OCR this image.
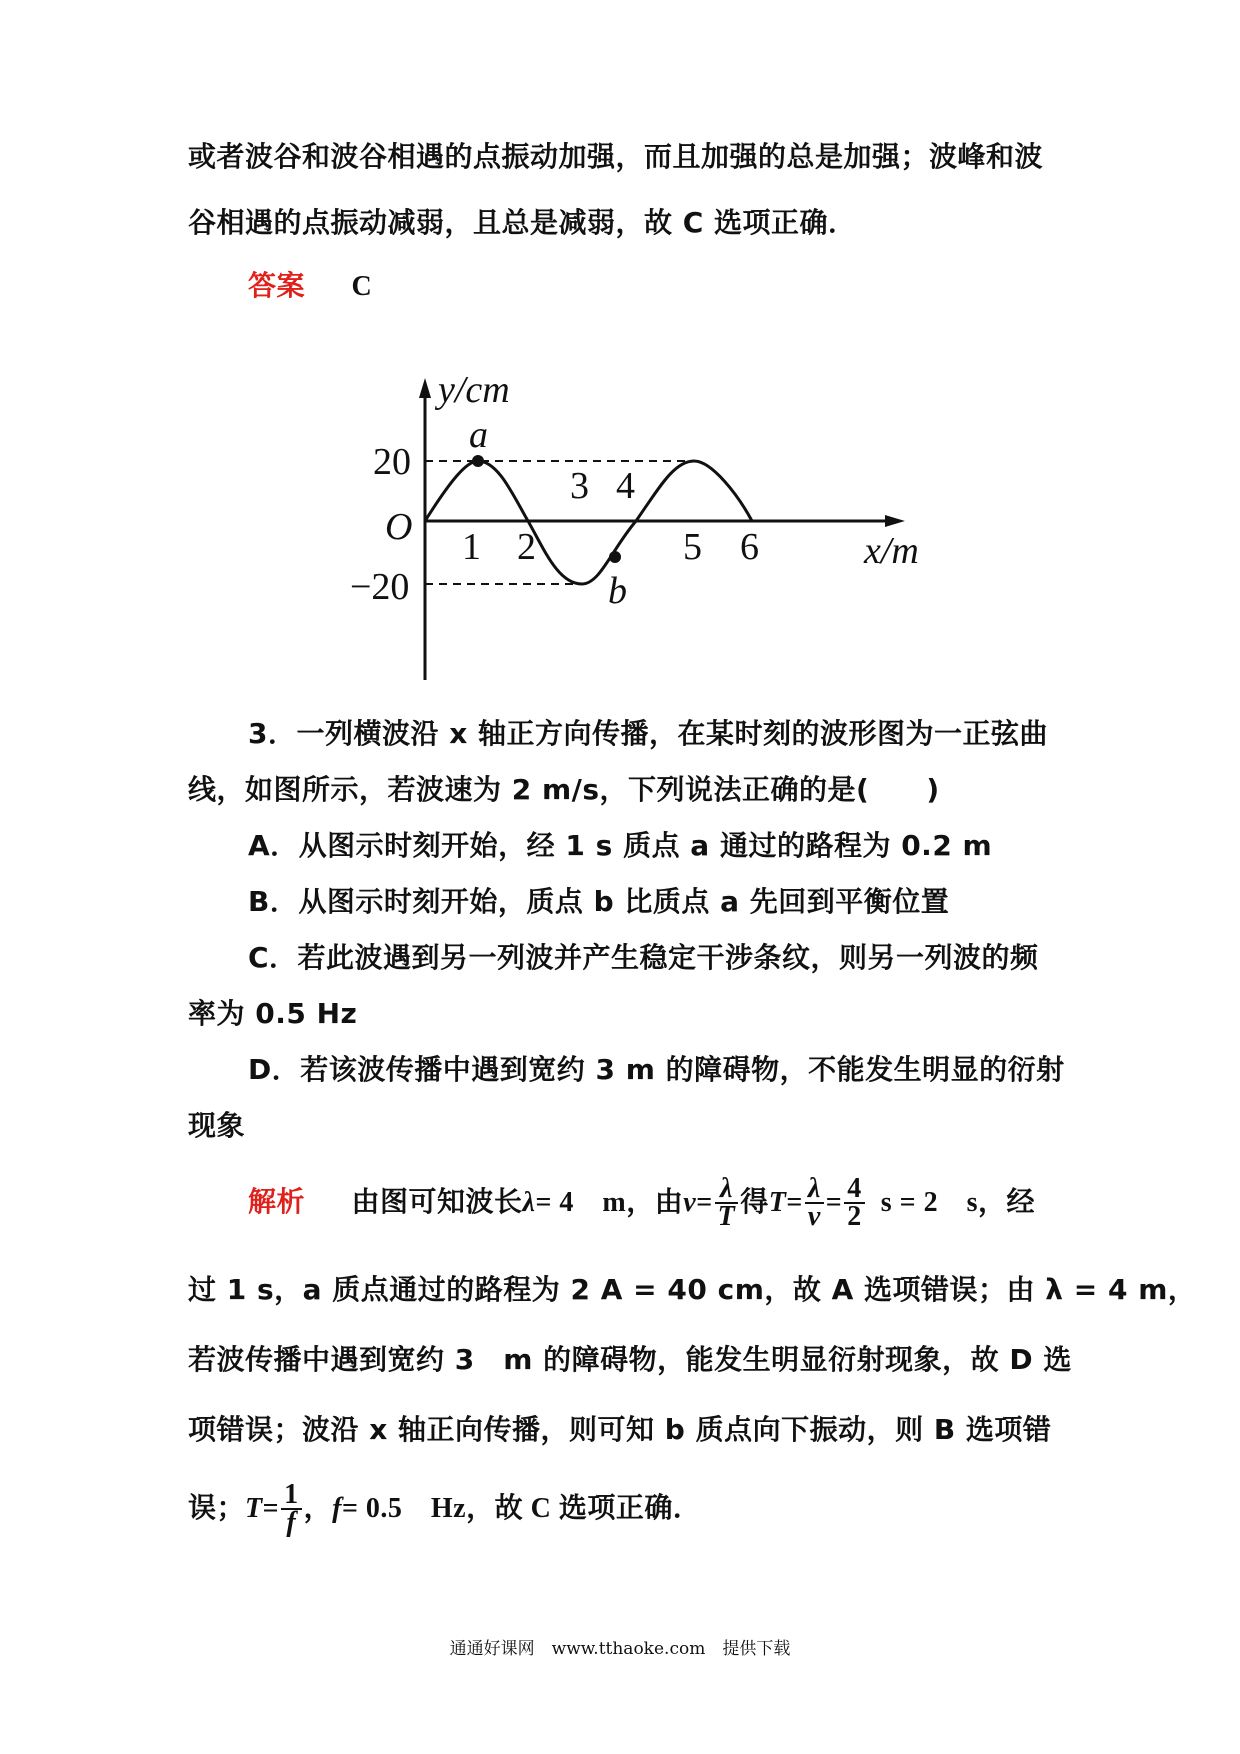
或者波谷和波谷相遇的点振动加强，而且加强的总是加强；波峰和波
谷相遇的点振动减弱，且总是减弱，故 C 选项正确．
答案 C
y/cm
x/m
O
20
−20
1 2	5 6
3 4
a
b
3．一列横波沿 x 轴正方向传播，在某时刻的波形图为一正弦曲
线，如图所示，若波速为 2 m/s，下列说法正确的是(　　)
A．从图示时刻开始，经 1 s 质点 a 通过的路程为 0.2 m
B．从图示时刻开始，质点 b 比质点 a 先回到平衡位置
C．若此波遇到另一列波并产生稳定干涉条纹，则另一列波的频
率为 0.5 Hz
D．若该波传播中遇到宽约 3 m 的障碍物，不能发生明显的衍射
现象
解析 由图可知波长λ= 4　m，由$v= \frac{\lambda}{T}$ 得$T= \frac{\lambda}{v} = \frac{4}{2}$ s = 2　s，经
过 1 s，a 质点通过的路程为 2 A = 40 cm，故 A 选项错误；由 λ = 4 m，
若波传播中遇到宽约 3　m 的障碍物，能发生明显衍射现象，故 D 选
项错误；波沿 x 轴正向传播，则可知 b 质点向下振动，则 B 选项错
误；$T= \frac{1}{f}$ ，f= 0.5　Hz，故 C 选项正确．
通通好课网　www.tthaoke.com　提供下载
